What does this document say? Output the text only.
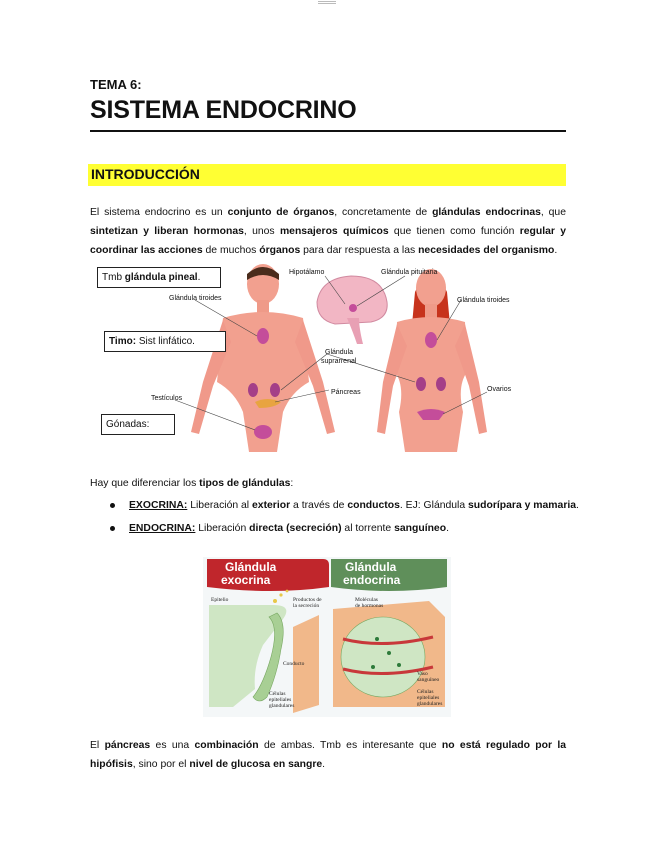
TEMA 6:
SISTEMA ENDOCRINO
INTRODUCCIÓN
El sistema endocrino es un conjunto de órganos, concretamente de glándulas endocrinas, que sintetizan y liberan hormonas, unos mensajeros químicos que tienen como función regular y coordinar las acciones de muchos órganos para dar respuesta a las necesidades del organismo.
Hipotálamo	Glándula pituitaria
Glándula tiroides	Glándula tiroides
Glándula
suprarrenal
Páncreas
Testículos
Ovarios
Tmb glándula pineal.
Timo: Sist linfático.
Gónadas:
Hay que diferenciar los tipos de glándulas:
EXOCRINA: Liberación al exterior a través de conductos. EJ: Glándula sudorípara y mamaria.
ENDOCRINA: Liberación directa (secreción) al torrente sanguíneo.
Glándula
exocrina
Glándula
endocrina
Epitelio	Productos de
la secreción
Conducto
Células
epiteliales
glandulares
Moléculas
de hormonas
Vaso
sanguíneo
Células
epiteliales
glandulares
El páncreas es una combinación de ambas. Tmb es interesante que no está regulado por la hipófisis, sino por el nivel de glucosa en sangre.
